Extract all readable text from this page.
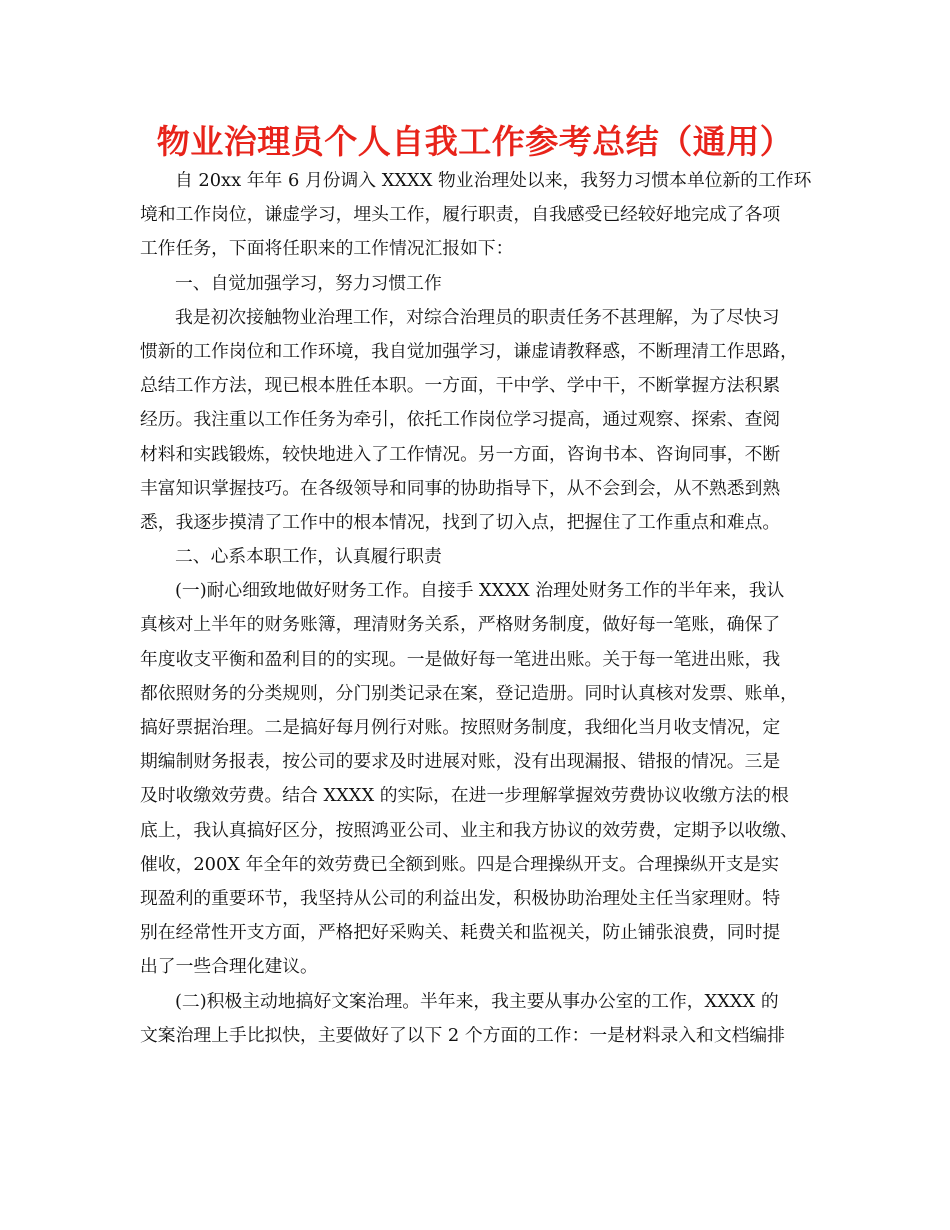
物业治理员个人自我工作参考总结（通用）
自 20xx 年年 6 月份调入 XXXX 物业治理处以来，我努力习惯本单位新的工作环
境和工作岗位，谦虚学习，埋头工作，履行职责，自我感受已经较好地完成了各项
工作任务，下面将任职来的工作情况汇报如下：
一、自觉加强学习，努力习惯工作
我是初次接触物业治理工作，对综合治理员的职责任务不甚理解，为了尽快习
惯新的工作岗位和工作环境，我自觉加强学习，谦虚请教释惑，不断理清工作思路，
总结工作方法，现已根本胜任本职。一方面，干中学、学中干，不断掌握方法积累
经历。我注重以工作任务为牵引，依托工作岗位学习提高，通过观察、探索、查阅
材料和实践锻炼，较快地进入了工作情况。另一方面，咨询书本、咨询同事，不断
丰富知识掌握技巧。在各级领导和同事的协助指导下，从不会到会，从不熟悉到熟
悉，我逐步摸清了工作中的根本情况，找到了切入点，把握住了工作重点和难点。
二、心系本职工作，认真履行职责
(一)耐心细致地做好财务工作。自接手 XXXX 治理处财务工作的半年来，我认
真核对上半年的财务账簿，理清财务关系，严格财务制度，做好每一笔账，确保了
年度收支平衡和盈利目的的实现。一是做好每一笔进出账。关于每一笔进出账，我
都依照财务的分类规则，分门别类记录在案，登记造册。同时认真核对发票、账单，
搞好票据治理。二是搞好每月例行对账。按照财务制度，我细化当月收支情况，定
期编制财务报表，按公司的要求及时进展对账，没有出现漏报、错报的情况。三是
及时收缴效劳费。结合 XXXX 的实际，在进一步理解掌握效劳费协议收缴方法的根
底上，我认真搞好区分，按照鸿亚公司、业主和我方协议的效劳费，定期予以收缴、
催收，200X 年全年的效劳费已全额到账。四是合理操纵开支。合理操纵开支是实
现盈利的重要环节，我坚持从公司的利益出发，积极协助治理处主任当家理财。特
别在经常性开支方面，严格把好采购关、耗费关和监视关，防止铺张浪费，同时提
出了一些合理化建议。
(二)积极主动地搞好文案治理。半年来，我主要从事办公室的工作，XXXX 的
文案治理上手比拟快，主要做好了以下 2 个方面的工作：一是材料录入和文档编排
